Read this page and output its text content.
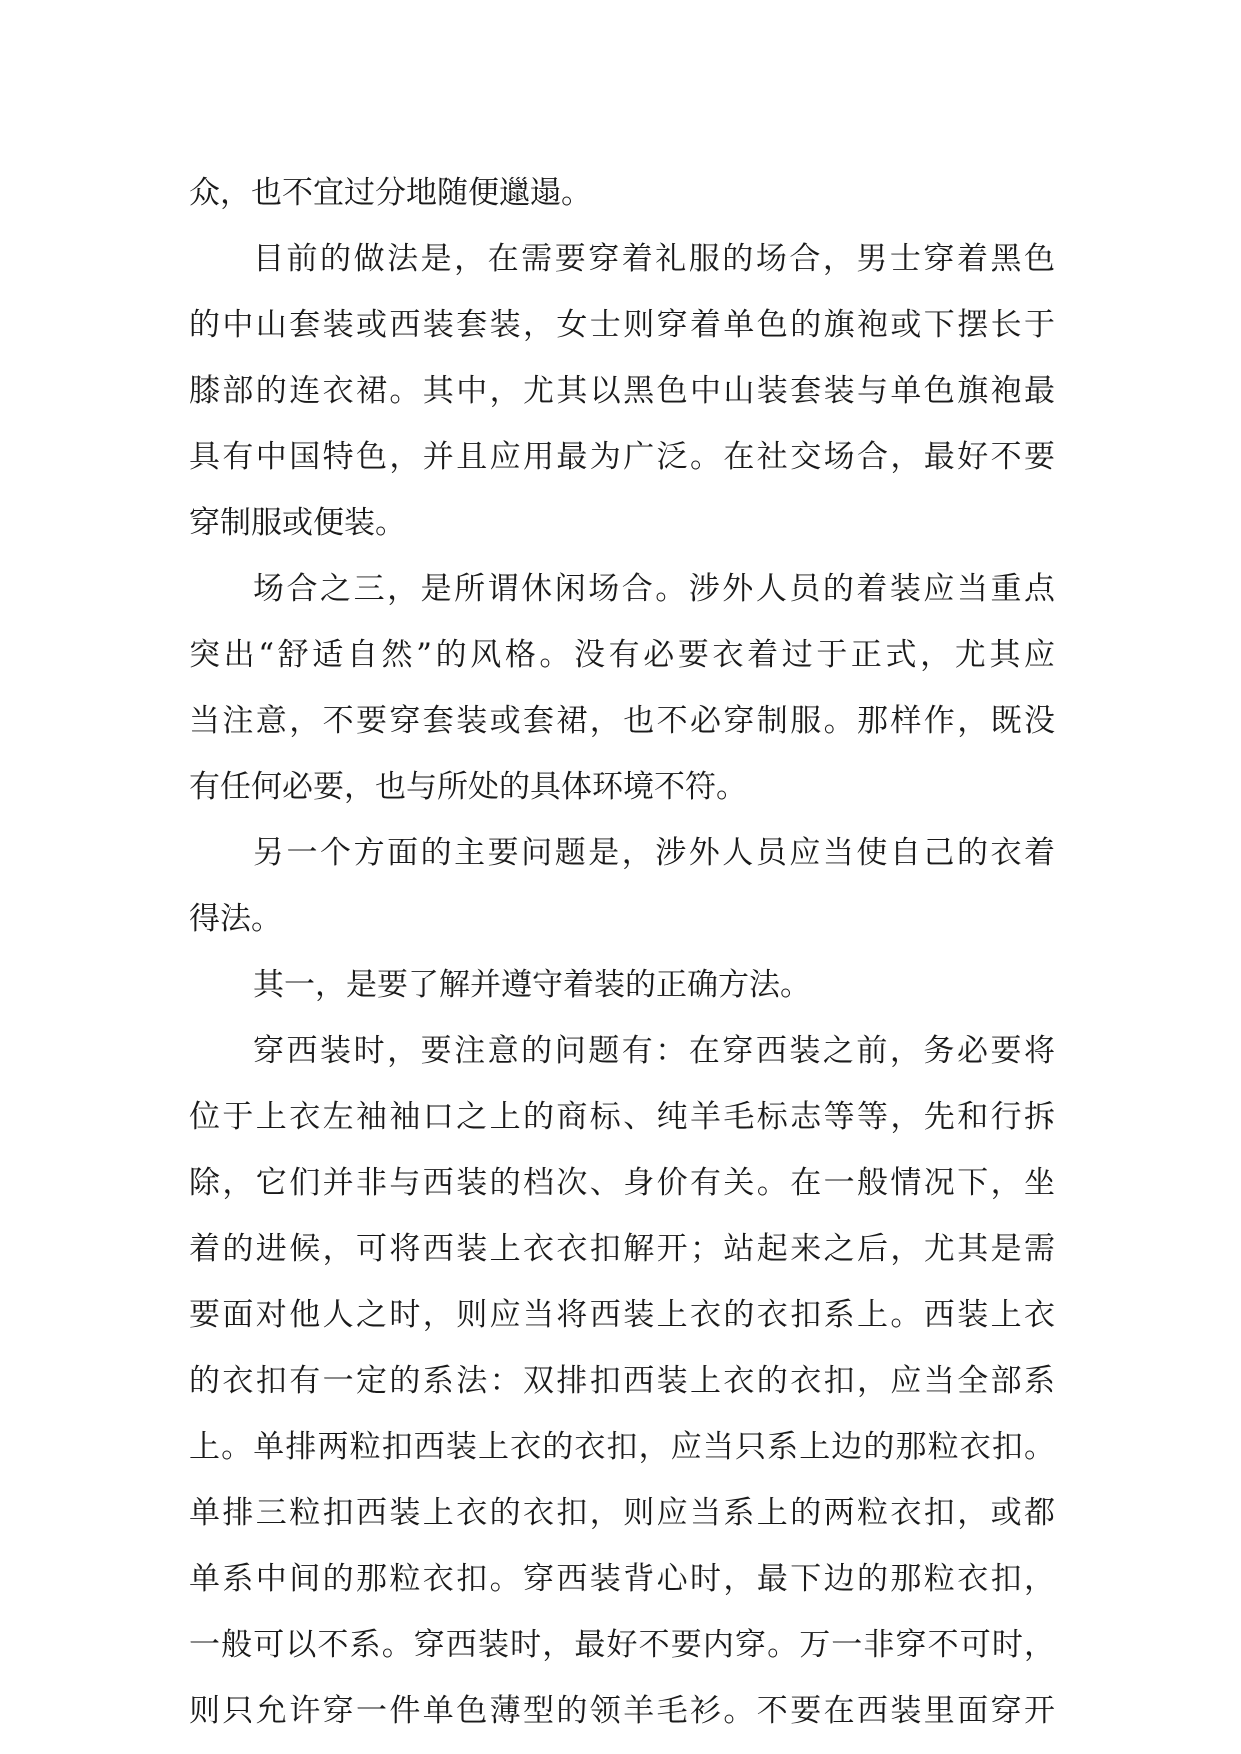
众，也不宜过分地随便邋遢。
目前的做法是，在需要穿着礼服的场合，男士穿着黑色
的中山套装或西装套装，女士则穿着单色的旗袍或下摆长于
膝部的连衣裙。其中，尤其以黑色中山装套装与单色旗袍最
具有中国特色，并且应用最为广泛。在社交场合，最好不要
穿制服或便装。
场合之三，是所谓休闲场合。涉外人员的着装应当重点
突出“舒适自然”的风格。没有必要衣着过于正式，尤其应
当注意，不要穿套装或套裙，也不必穿制服。那样作，既没
有任何必要，也与所处的具体环境不符。
另一个方面的主要问题是，涉外人员应当使自己的衣着
得法。
其一，是要了解并遵守着装的正确方法。
穿西装时，要注意的问题有：在穿西装之前，务必要将
位于上衣左袖袖口之上的商标、纯羊毛标志等等，先和行拆
除，它们并非与西装的档次、身价有关。在一般情况下，坐
着的进候，可将西装上衣衣扣解开；站起来之后，尤其是需
要面对他人之时，则应当将西装上衣的衣扣系上。西装上衣
的衣扣有一定的系法：双排扣西装上衣的衣扣，应当全部系
上。单排两粒扣西装上衣的衣扣，应当只系上边的那粒衣扣。
单排三粒扣西装上衣的衣扣，则应当系上的两粒衣扣，或都
单系中间的那粒衣扣。穿西装背心时，最下边的那粒衣扣，
一般可以不系。穿西装时，最好不要内穿。万一非穿不可时，
则只允许穿一件单色薄型的领羊毛衫。不要在西装里面穿开
